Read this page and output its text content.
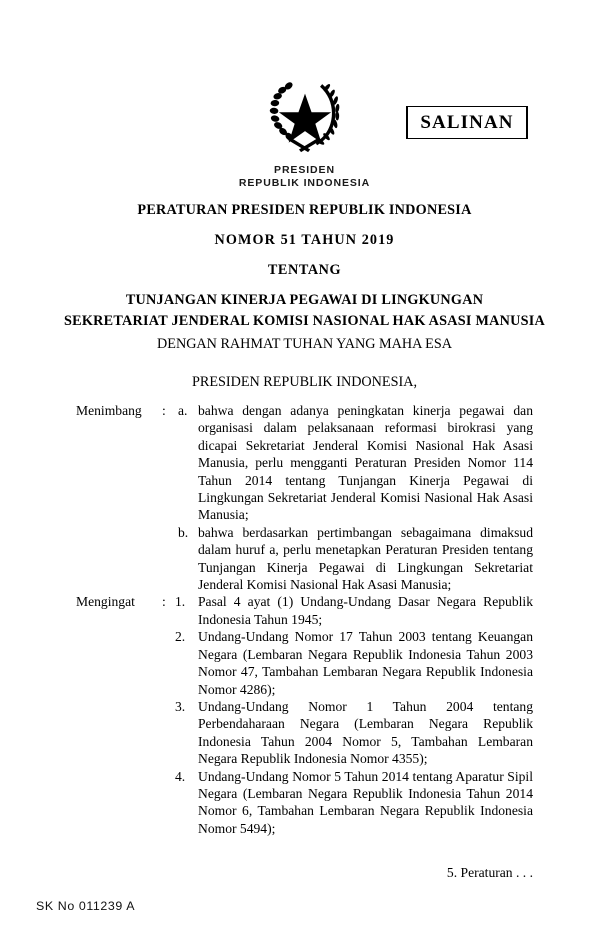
PRESIDEN
REPUBLIK INDONESIA
SALINAN
PERATURAN PRESIDEN REPUBLIK INDONESIA
NOMOR 51 TAHUN 2019
TENTANG
TUNJANGAN KINERJA PEGAWAI DI LINGKUNGAN
SEKRETARIAT JENDERAL KOMISI NASIONAL HAK ASASI MANUSIA
DENGAN RAHMAT TUHAN YANG MAHA ESA
PRESIDEN REPUBLIK INDONESIA,
Menimbang	: a. bahwa dengan adanya peningkatan kinerja pegawai dan organisasi dalam pelaksanaan reformasi birokrasi yang dicapai Sekretariat Jenderal Komisi Nasional Hak Asasi Manusia, perlu mengganti Peraturan Presiden Nomor 114 Tahun 2014 tentang Tunjangan Kinerja Pegawai di Lingkungan Sekretariat Jenderal Komisi Nasional Hak Asasi Manusia;
b. bahwa berdasarkan pertimbangan sebagaimana dimaksud dalam huruf a, perlu menetapkan Peraturan Presiden tentang Tunjangan Kinerja Pegawai di Lingkungan Sekretariat Jenderal Komisi Nasional Hak Asasi Manusia;
Mengingat	: 1. Pasal 4 ayat (1) Undang-Undang Dasar Negara Republik Indonesia Tahun 1945;
2. Undang-Undang Nomor 17 Tahun 2003 tentang Keuangan Negara (Lembaran Negara Republik Indonesia Tahun 2003 Nomor 47, Tambahan Lembaran Negara Republik Indonesia Nomor 4286);
3. Undang-Undang Nomor 1 Tahun 2004 tentang Perbendaharaan Negara (Lembaran Negara Republik Indonesia Tahun 2004 Nomor 5, Tambahan Lembaran Negara Republik Indonesia Nomor 4355);
4. Undang-Undang Nomor 5 Tahun 2014 tentang Aparatur Sipil Negara (Lembaran Negara Republik Indonesia Tahun 2014 Nomor 6, Tambahan Lembaran Negara Republik Indonesia Nomor 5494);
5. Peraturan . . .
SK No 011239 A
